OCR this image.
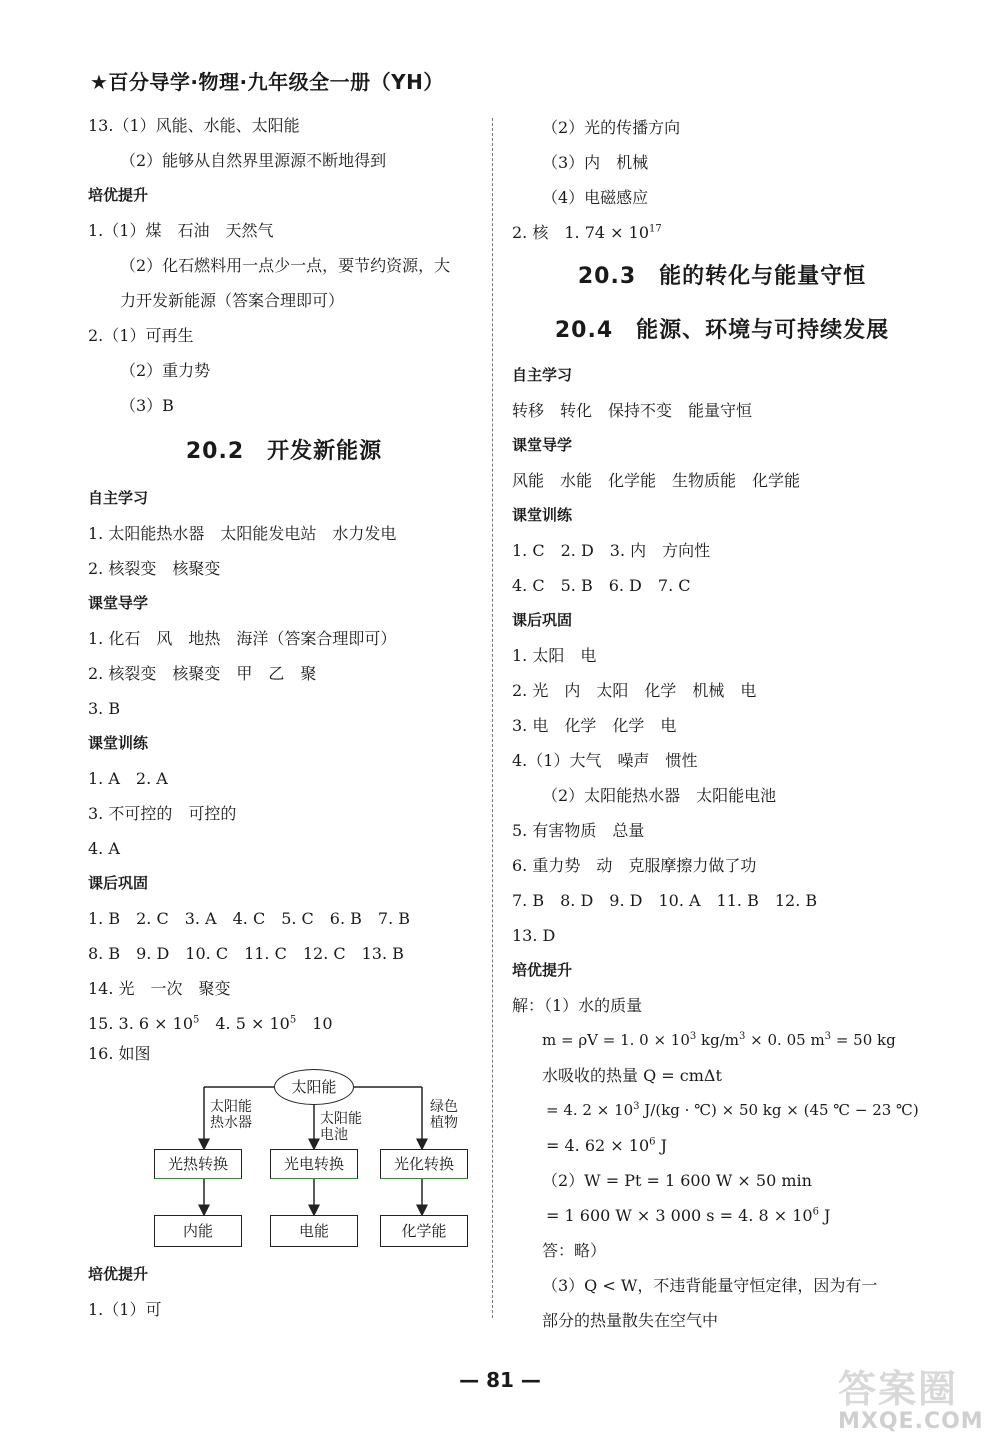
★百分导学·物理·九年级全一册（YH）
13.（1）风能、水能、太阳能
（2）能够从自然界里源源不断地得到
培优提升
1.（1）煤　石油　天然气
（2）化石燃料用一点少一点，要节约资源，大
力开发新能源（答案合理即可）
2.（1）可再生
（2）重力势
（3）B
20.2　开发新能源
自主学习
1. 太阳能热水器　太阳能发电站　水力发电
2. 核裂变　核聚变
课堂导学
1. 化石　风　地热　海洋（答案合理即可）
2. 核裂变　核聚变　甲　乙　聚
3. B
课堂训练
1. A　2. A
3. 不可控的　可控的
4. A
课后巩固
1. B　2. C　3. A　4. C　5. C　6. B　7. B
8. B　9. D　10. C　11. C　12. C　13. B
14. 光　一次　聚变
15. 3. $6 \times 10^5$　4. $5 \times 10^5$　10
16. 如图
太阳能
太阳能
热水器	太阳能
电池
绿色
植物
光热转换	光电转换	光化转换
内能	电能	化学能
培优提升
1.（1）可
（2）光的传播方向
（3）内　机械
（4）电磁感应
2. 核　1. $74 \times 10^{17}$
20.3　能的转化与能量守恒
20.4　能源、环境与可持续发展
自主学习
转移　转化　保持不变　能量守恒
课堂导学
风能　水能　化学能　生物质能　化学能
课堂训练
1. C　2. D　3. 内　方向性
4. C　5. B　6. D　7. C
课后巩固
1. 太阳　电
2. 光　内　太阳　化学　机械　电
3. 电　化学　化学　电
4.（1）大气　噪声　惯性
（2）太阳能热水器　太阳能电池
5. 有害物质　总量
6. 重力势　动　克服摩擦力做了功
7. B　8. D　9. D　10. A　11. B　12. B
13. D
培优提升
解：（1）水的质量
m = ρV = 1. $0 \times 10^3$ $kg/m^3 \times 0$. 05 $m^3 = 50$ kg
水吸收的热量 Q = cmΔt
= 4. $2 \times 10^3$ J/(kg · ℃) × 50 kg × (45 ℃ − 23 ℃)
= 4. $62 \times 10^6$ J
（2）W = Pt = 1 600 W × 50 min
= 1 600 W × 3 000 s = 4. $8 \times 10^6$ J
答：略）
（3）Q < W，不违背能量守恒定律，因为有一
部分的热量散失在空气中
— 81 —	答案圈
MXQE.COM
